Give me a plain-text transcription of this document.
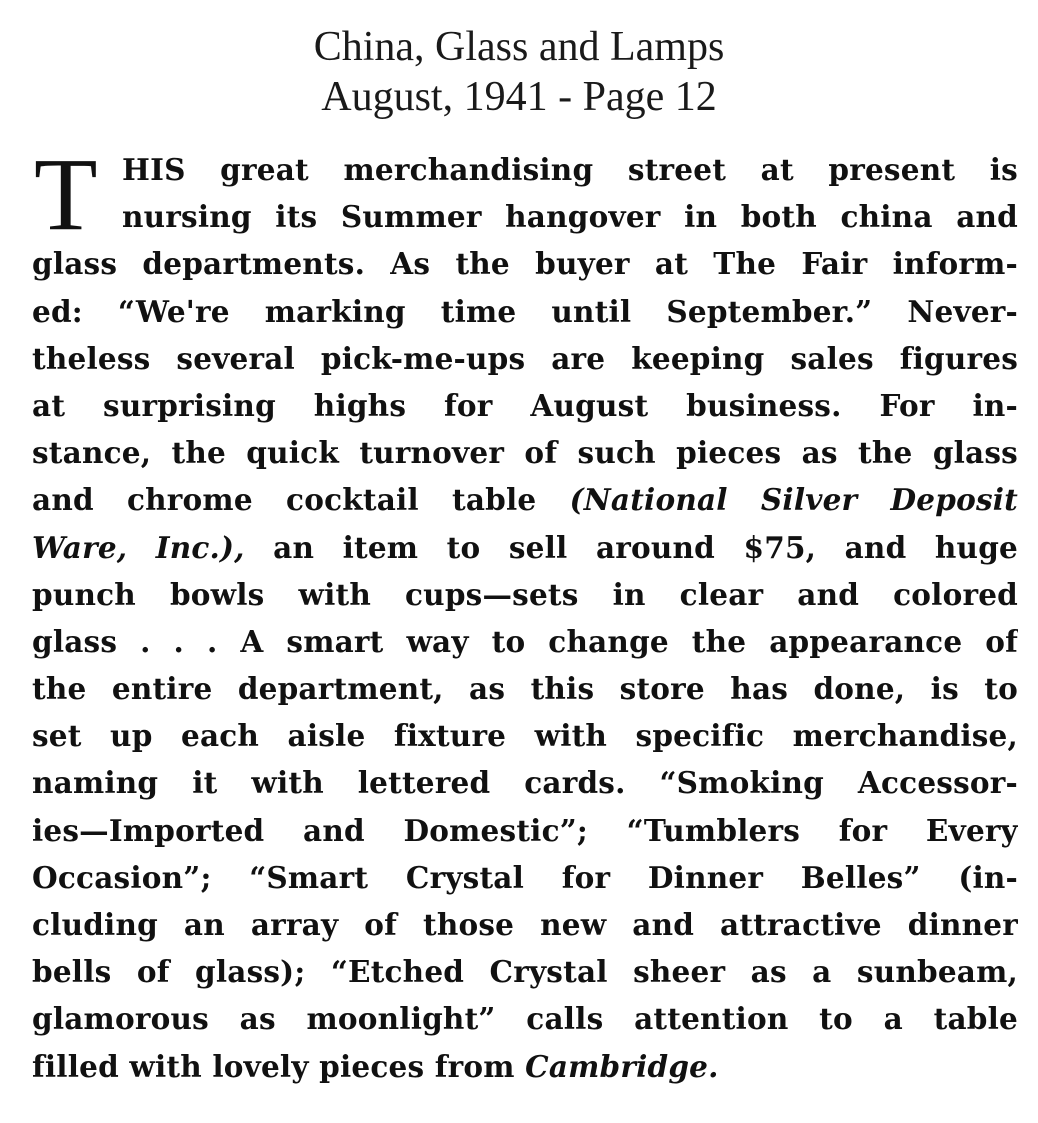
China, Glass and Lamps
August, 1941 - Page 12
T HIS great merchandising street at present is
nursing its Summer hangover in both china and
glass departments. As the buyer at The Fair inform-
ed: “We're marking time until September.” Never-
theless several pick-me-ups are keeping sales figures
at surprising highs for August business. For in-
stance, the quick turnover of such pieces as the glass
and chrome cocktail table (National Silver Deposit
Ware, Inc.), an item to sell around $75, and huge
punch bowls with cups—sets in clear and colored
glass . . . A smart way to change the appearance of
the entire department, as this store has done, is to
set up each aisle fixture with specific merchandise,
naming it with lettered cards. “Smoking Accessor-
ies—Imported and Domestic”; “Tumblers for Every
Occasion”; “Smart Crystal for Dinner Belles” (in-
cluding an array of those new and attractive dinner
bells of glass); “Etched Crystal sheer as a sunbeam,
glamorous as moonlight” calls attention to a table
filled with lovely pieces from Cambridge.
